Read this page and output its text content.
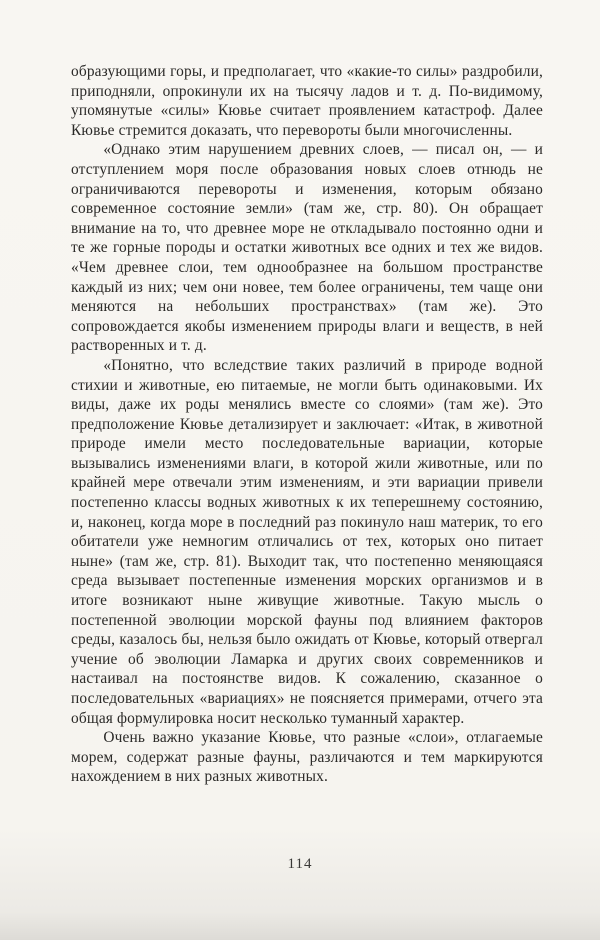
образующими горы, и предполагает, что «какие-то силы» раздробили, приподняли, опрокинули их на тысячу ладов и т. д. По-видимому, упомянутые «силы» Кювье считает проявлением катастроф. Далее Кювье стремится доказать, что перевороты были многочисленны.

«Однако этим нарушением древних слоев, — писал он, — и отступлением моря после образования новых слоев отнюдь не ограничиваются перевороты и изменения, которым обязано современное состояние земли» (там же, стр. 80). Он обращает внимание на то, что древнее море не откладывало постоянно одни и те же горные породы и остатки животных все одних и тех же видов. «Чем древнее слои, тем однообразнее на большом пространстве каждый из них; чем они новее, тем более ограничены, тем чаще они меняются на небольших пространствах» (там же). Это сопровождается якобы изменением природы влаги и веществ, в ней растворенных и т. д.

«Понятно, что вследствие таких различий в природе водной стихии и животные, ею питаемые, не могли быть одинаковыми. Их виды, даже их роды менялись вместе со слоями» (там же). Это предположение Кювье детализирует и заключает: «Итак, в животной природе имели место последовательные вариации, которые вызывались изменениями влаги, в которой жили животные, или по крайней мере отвечали этим изменениям, и эти вариации привели постепенно классы водных животных к их теперешнему состоянию, и, наконец, когда море в последний раз покинуло наш материк, то его обитатели уже немногим отличались от тех, которых оно питает ныне» (там же, стр. 81). Выходит так, что постепенно меняющаяся среда вызывает постепенные изменения морских организмов и в итоге возникают ныне живущие животные. Такую мысль о постепенной эволюции морской фауны под влиянием факторов среды, казалось бы, нельзя было ожидать от Кювье, который отвергал учение об эволюции Ламарка и других своих современников и настаивал на постоянстве видов. К сожалению, сказанное о последовательных «вариациях» не поясняется примерами, отчего эта общая формулировка носит несколько туманный характер.

Очень важно указание Кювье, что разные «слои», отлагаемые морем, содержат разные фауны, различаются и тем маркируются нахождением в них разных животных.

114
